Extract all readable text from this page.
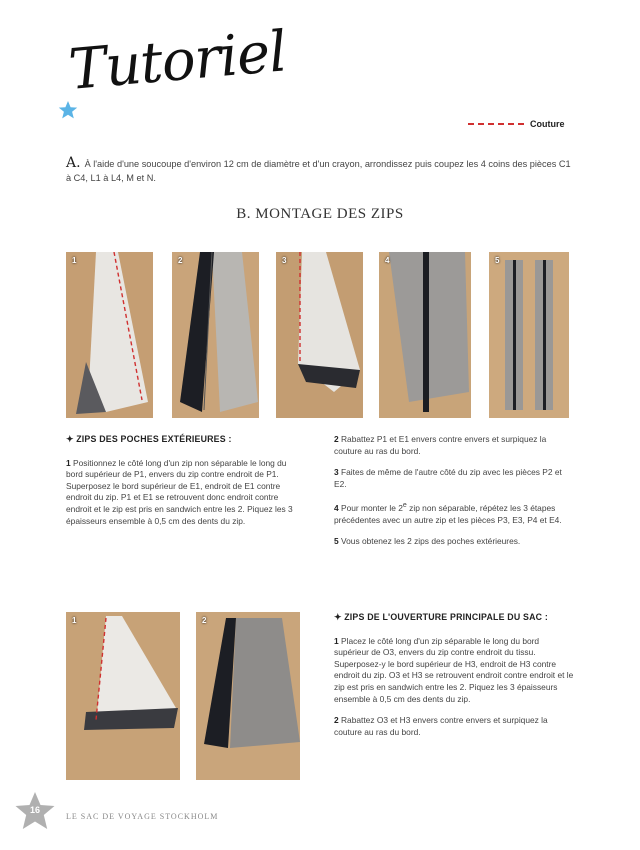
Tutoriel
Couture
A. À l'aide d'une soucoupe d'environ 12 cm de diamètre et d'un crayon, arrondissez puis coupez les 4 coins des pièces C1 à C4, L1 à L4, M et N.
B. MONTAGE DES ZIPS
1	2	3	4	5
✦ ZIPS DES POCHES EXTÉRIEURES :

1 Positionnez le côté long d'un zip non séparable le long du bord supérieur de P1, envers du zip contre endroit de P1. Superposez le bord supérieur de E1, endroit de E1 contre endroit du zip. P1 et E1 se retrouvent donc endroit contre endroit et le zip est pris en sandwich entre les 2. Piquez les 3 épaisseurs ensemble à 0,5 cm des dents du zip.

2 Rabattez P1 et E1 envers contre envers et surpiquez la couture au ras du bord.

3 Faites de même de l'autre côté du zip avec les pièces P2 et E2.

4 Pour monter le 2e zip non séparable, répétez les 3 étapes précédentes avec un autre zip et les pièces P3, E3, P4 et E4.

5 Vous obtenez les 2 zips des poches extérieures.

1	2	✦ ZIPS DE L'OUVERTURE PRINCIPALE DU SAC :

1 Placez le côté long d'un zip séparable le long du bord supérieur de O3, envers du zip contre endroit du tissu. Superposez-y le bord supérieur de H3, endroit de H3 contre endroit du zip. O3 et H3 se retrouvent endroit contre endroit et le zip est pris en sandwich entre les 2. Piquez les 3 épaisseurs ensemble à 0,5 cm des dents du zip.

2 Rabattez O3 et H3 envers contre envers et surpiquez la couture au ras du bord.

16
LE SAC DE VOYAGE STOCKHOLM
